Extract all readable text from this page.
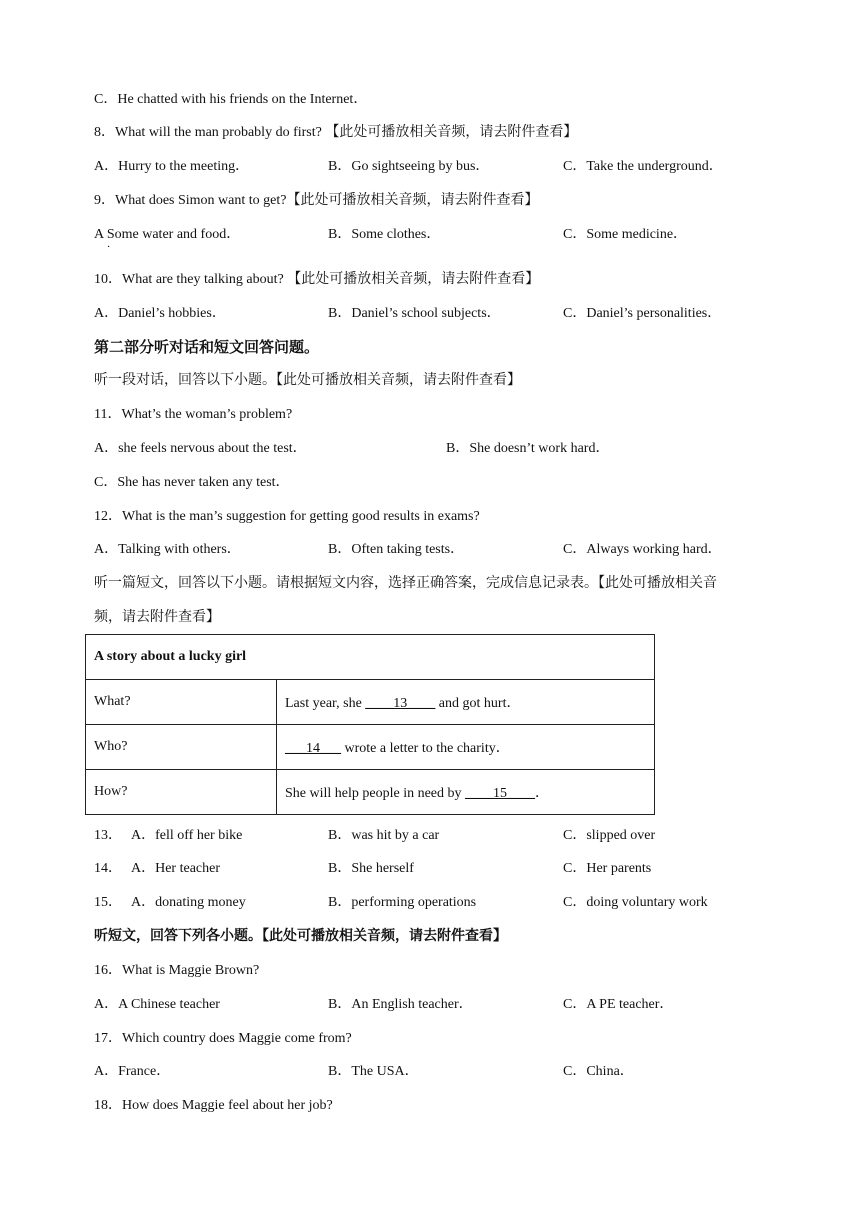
C．He chatted with his friends on the Internet．
8．What will the man probably do first? 【此处可播放相关音频，请去附件查看】
A．Hurry to the meeting．	B．Go sightseeing by bus．	C．Take the underground．
9．What does Simon want to get?【此处可播放相关音频，请去附件查看】
A Some water and food．	B．Some clothes．	C．Some medicine．
．
10．What are they talking about? 【此处可播放相关音频，请去附件查看】
A．Daniel’s hobbies．	B．Daniel’s school subjects．	C．Daniel’s personalities．
第二部分听对话和短文回答问题。
听一段对话，回答以下小题。【此处可播放相关音频，请去附件查看】
11．What’s the woman’s problem?
A．she feels nervous about the test．	B．She doesn’t work hard．
C．She has never taken any test．
12．What is the man’s suggestion for getting good results in exams?
A．Talking with others．	B．Often taking tests．	C．Always working hard．
听一篇短文，回答以下小题。请根据短文内容，选择正确答案，完成信息记录表。【此处可播放相关音
频，请去附件查看】
A story about a lucky girl	
What?	Last year, she ____13____ and got hurt．
Who?	___14___ wrote a letter to the charity．
How?	She will help people in need by ____15____．
13． A．fell off her bike	B．was hit by a car	C．slipped over
14． A．Her teacher	B．She herself	C．Her parents
15． A．donating money	B．performing operations	C．doing voluntary work
听短文，回答下列各小题。【此处可播放相关音频，请去附件查看】
16．What is Maggie Brown?
A．A Chinese teacher	B．An English teacher．	C．A PE teacher．
17．Which country does Maggie come from?
A．France．	B．The USA．	C．China．
18．How does Maggie feel about her job?
